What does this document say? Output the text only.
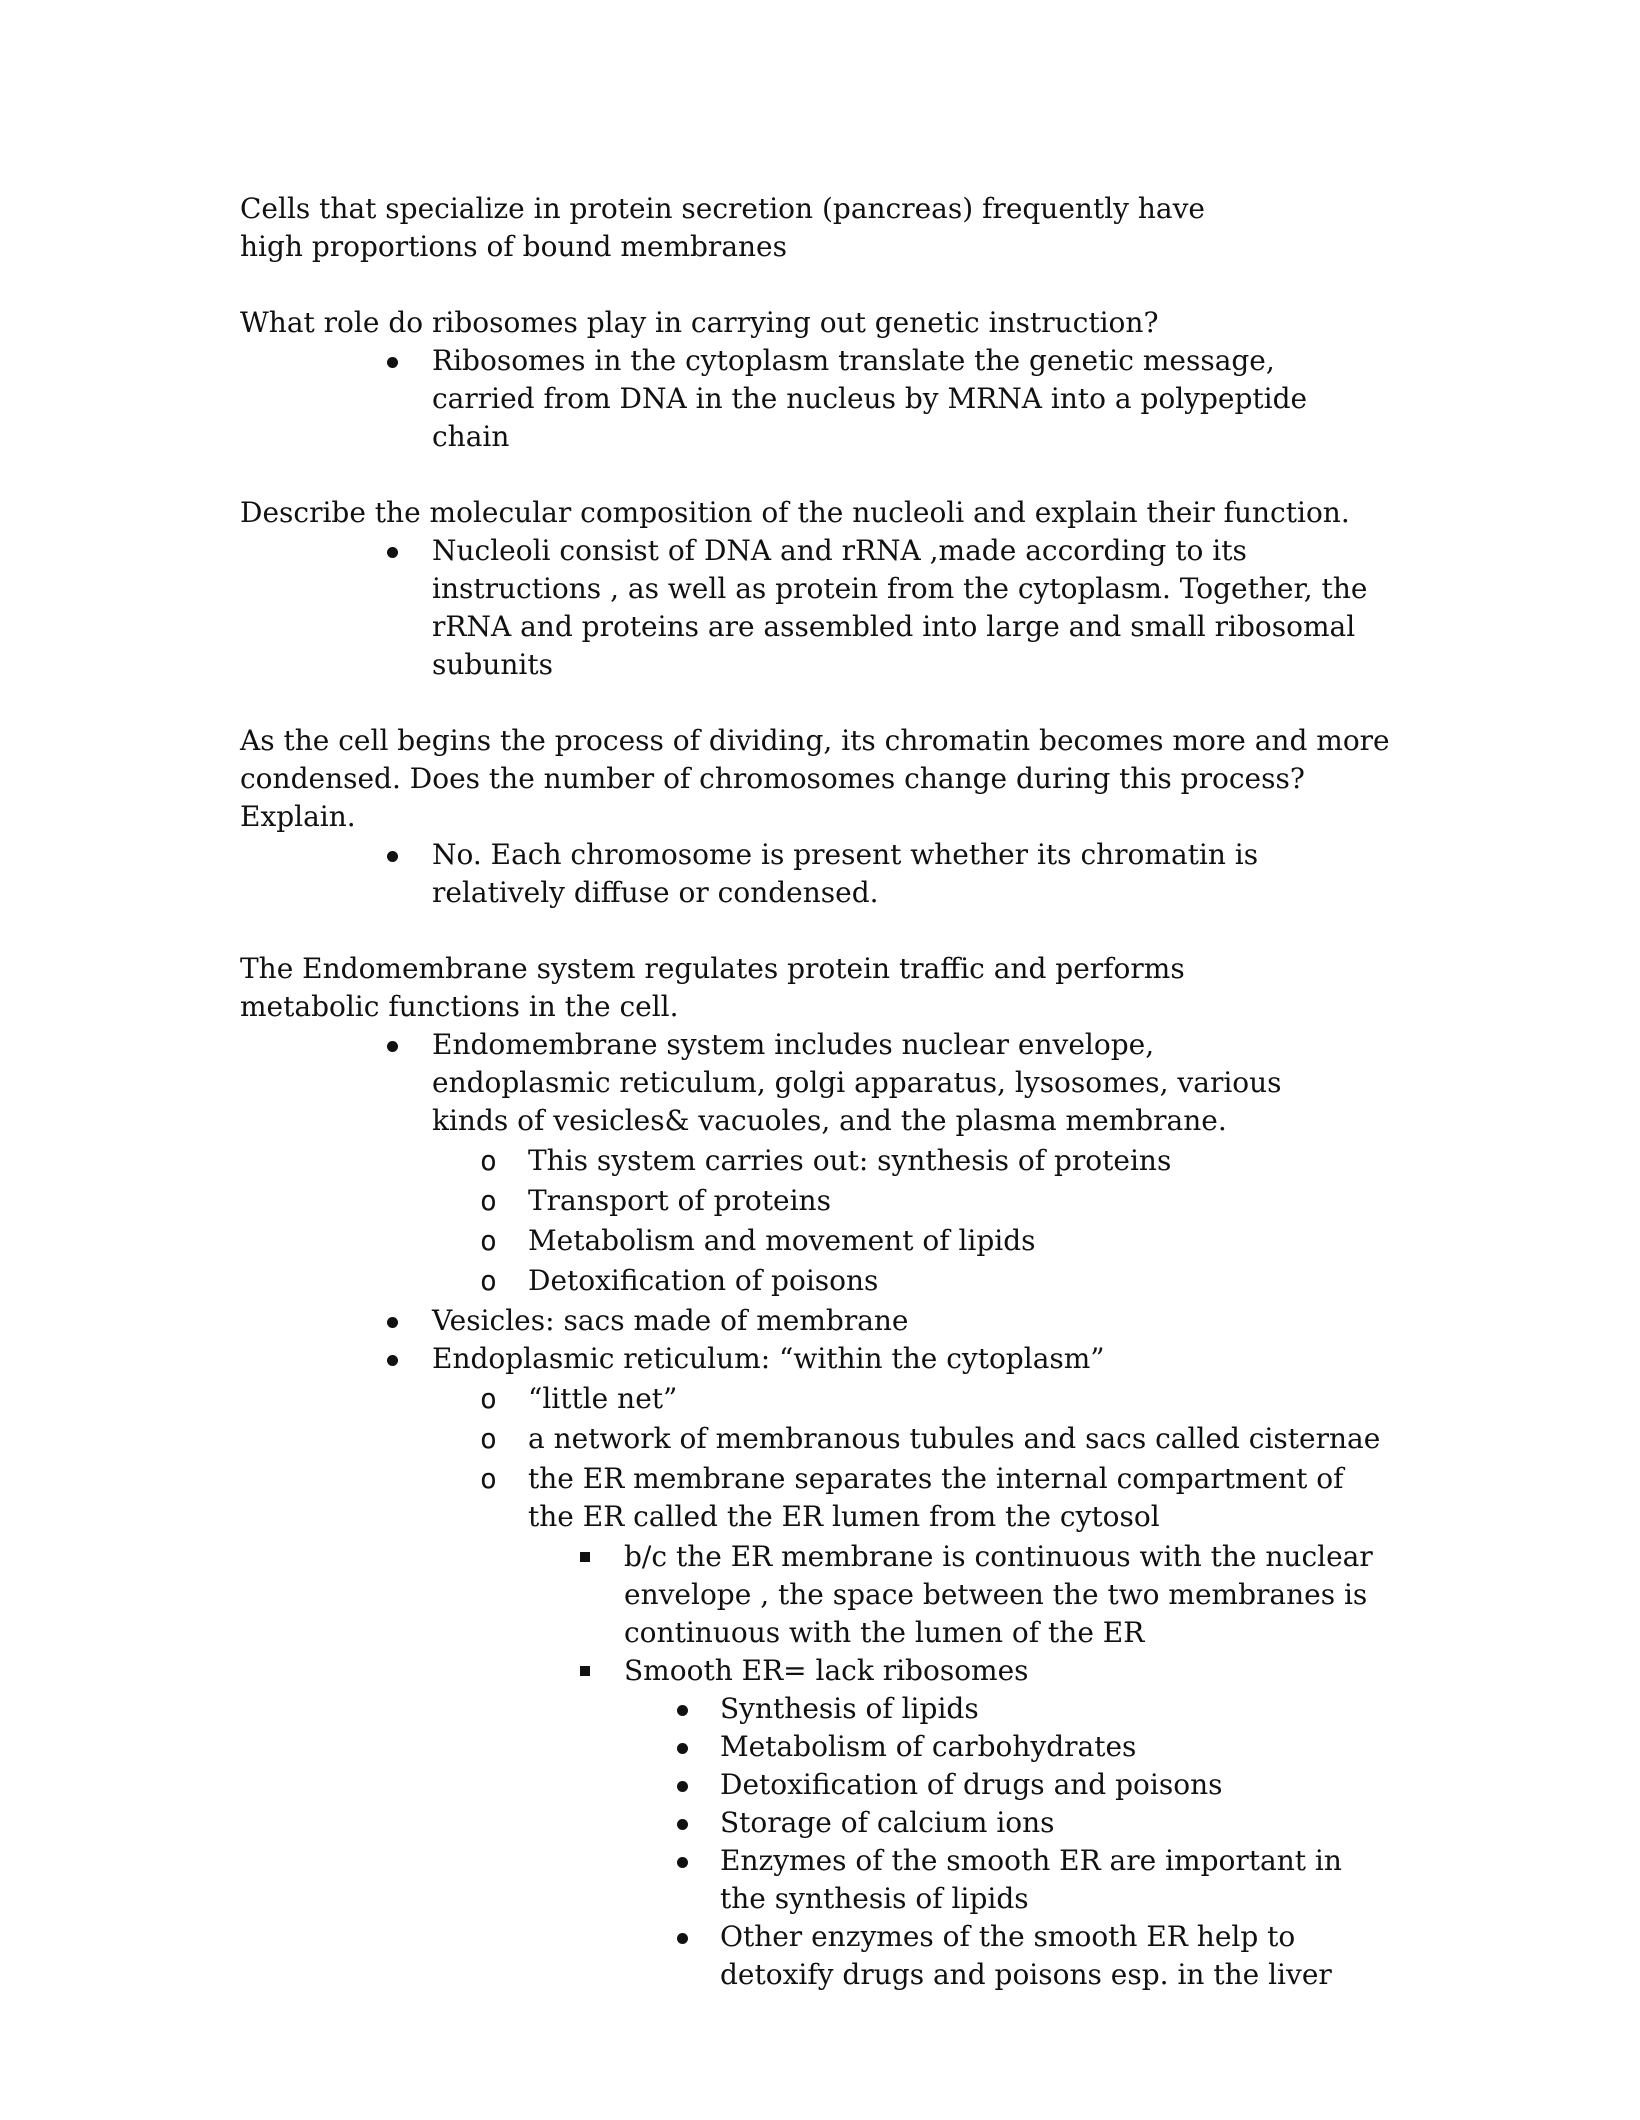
Cells that specialize in protein secretion (pancreas) frequently have high proportions of bound membranes

What role do ribosomes play in carrying out genetic instruction?

Ribosomes in the cytoplasm translate the genetic message, carried from DNA in the nucleus by MRNA into a polypeptide chain

Describe the molecular composition of the nucleoli and explain their function.

Nucleoli consist of DNA and rRNA ,made according to its instructions , as well as protein from the cytoplasm. Together, the rRNA and proteins are assembled into large and small ribosomal subunits

As the cell begins the process of dividing, its chromatin becomes more and more condensed. Does the number of chromosomes change during this process? Explain.

No. Each chromosome is present whether its chromatin is relatively diffuse or condensed.

The Endomembrane system regulates protein traffic and performs metabolic functions in the cell.

Endomembrane system includes nuclear envelope, endoplasmic reticulum, golgi apparatus, lysosomes, various kinds of vesicles& vacuoles, and the plasma membrane.
o This system carries out: synthesis of proteins
o Transport of proteins
o Metabolism and movement of lipids
o Detoxification of poisons
Vesicles: sacs made of membrane
Endoplasmic reticulum: “within the cytoplasm”
o “little net”
o a network of membranous tubules and sacs called cisternae
o the ER membrane separates the internal compartment of the ER called the ER lumen from the cytosol
b/c the ER membrane is continuous with the nuclear envelope , the space between the two membranes is continuous with the lumen of the ER
Smooth ER= lack ribosomes
Synthesis of lipids
Metabolism of carbohydrates
Detoxification of drugs and poisons
Storage of calcium ions
Enzymes of the smooth ER are important in the synthesis of lipids
Other enzymes of the smooth ER help to detoxify drugs and poisons esp. in the liver
